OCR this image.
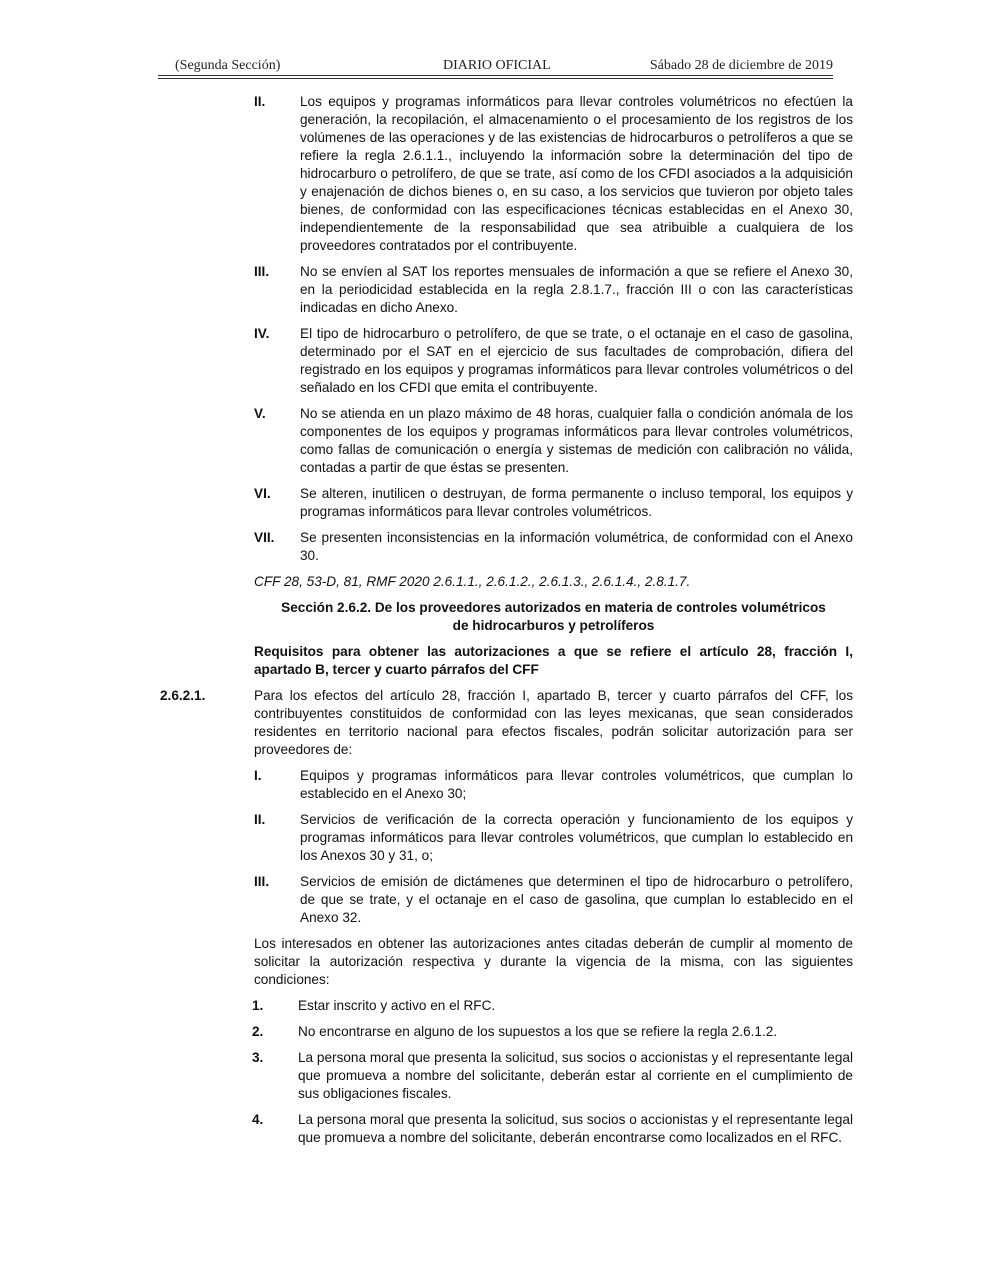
(Segunda Sección)	DIARIO OFICIAL	Sábado 28 de diciembre de 2019
II.	Los equipos y programas informáticos para llevar controles volumétricos no efectúen la generación, la recopilación, el almacenamiento o el procesamiento de los registros de los volúmenes de las operaciones y de las existencias de hidrocarburos o petrolíferos a que se refiere la regla 2.6.1.1., incluyendo la información sobre la determinación del tipo de hidrocarburo o petrolífero, de que se trate, así como de los CFDI asociados a la adquisición y enajenación de dichos bienes o, en su caso, a los servicios que tuvieron por objeto tales bienes, de conformidad con las especificaciones técnicas establecidas en el Anexo 30, independientemente de la responsabilidad que sea atribuible a cualquiera de los proveedores contratados por el contribuyente.
III. No se envíen al SAT los reportes mensuales de información a que se refiere el Anexo 30, en la periodicidad establecida en la regla 2.8.1.7., fracción III o con las características indicadas en dicho Anexo.
IV. El tipo de hidrocarburo o petrolífero, de que se trate, o el octanaje en el caso de gasolina, determinado por el SAT en el ejercicio de sus facultades de comprobación, difiera del registrado en los equipos y programas informáticos para llevar controles volumétricos o del señalado en los CFDI que emita el contribuyente.
V.	No se atienda en un plazo máximo de 48 horas, cualquier falla o condición anómala de los componentes de los equipos y programas informáticos para llevar controles volumétricos, como fallas de comunicación o energía y sistemas de medición con calibración no válida, contadas a partir de que éstas se presenten.
VI. Se alteren, inutilicen o destruyan, de forma permanente o incluso temporal, los equipos y programas informáticos para llevar controles volumétricos.
VII. Se presenten inconsistencias en la información volumétrica, de conformidad con el Anexo 30.
CFF 28, 53-D, 81, RMF 2020 2.6.1.1., 2.6.1.2., 2.6.1.3., 2.6.1.4., 2.8.1.7.
Sección 2.6.2. De los proveedores autorizados en materia de controles volumétricos
de hidrocarburos y petrolíferos
Requisitos para obtener las autorizaciones a que se refiere el artículo 28, fracción I, apartado B, tercer y cuarto párrafos del CFF
2.6.2.1.	Para los efectos del artículo 28, fracción I, apartado B, tercer y cuarto párrafos del CFF, los contribuyentes constituidos de conformidad con las leyes mexicanas, que sean considerados residentes en territorio nacional para efectos fiscales, podrán solicitar autorización para ser proveedores de:
I.	Equipos y programas informáticos para llevar controles volumétricos, que cumplan lo establecido en el Anexo 30;
II.	Servicios de verificación de la correcta operación y funcionamiento de los equipos y programas informáticos para llevar controles volumétricos, que cumplan lo establecido en los Anexos 30 y 31, o;
III. Servicios de emisión de dictámenes que determinen el tipo de hidrocarburo o petrolífero, de que se trate, y el octanaje en el caso de gasolina, que cumplan lo establecido en el Anexo 32.
Los interesados en obtener las autorizaciones antes citadas deberán de cumplir al momento de solicitar la autorización respectiva y durante la vigencia de la misma, con las siguientes condiciones:
1.	Estar inscrito y activo en el RFC.
2.	No encontrarse en alguno de los supuestos a los que se refiere la regla 2.6.1.2.
3.	La persona moral que presenta la solicitud, sus socios o accionistas y el representante legal que promueva a nombre del solicitante, deberán estar al corriente en el cumplimiento de sus obligaciones fiscales.
4.	La persona moral que presenta la solicitud, sus socios o accionistas y el representante legal que promueva a nombre del solicitante, deberán encontrarse como localizados en el RFC.
